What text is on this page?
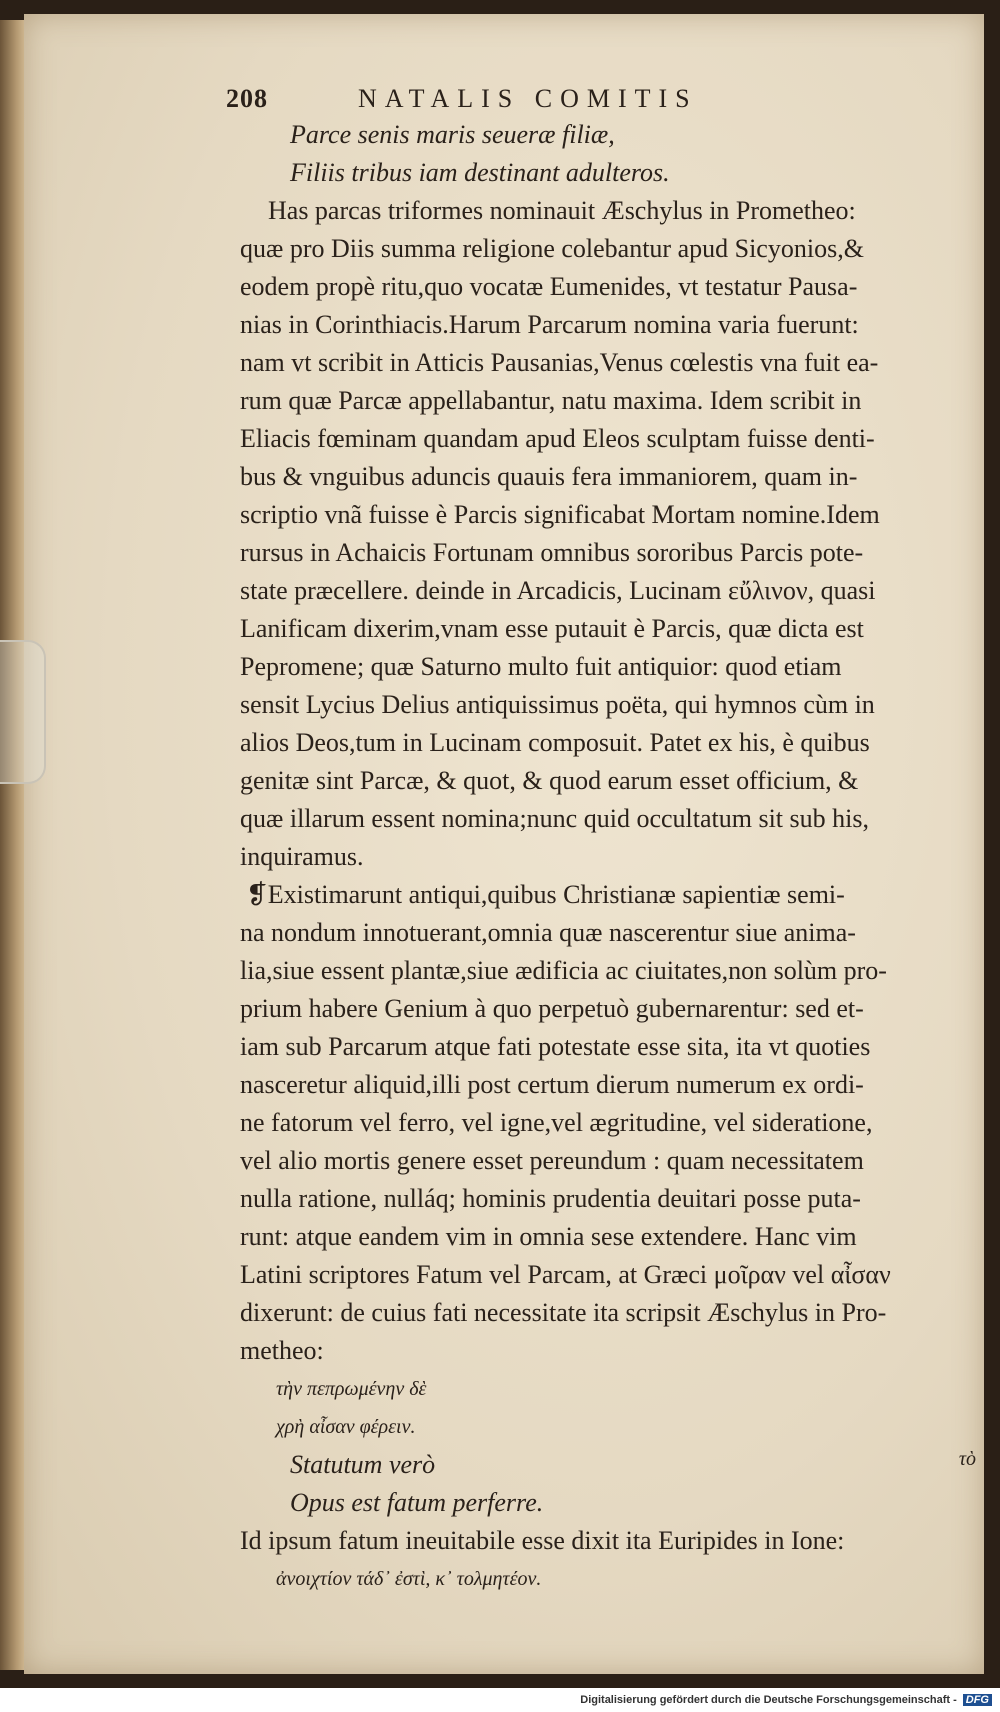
208	NATALIS COMITIS

Parce senis maris seueræ filiæ,

Filiis tribus iam destinant adulteros.

Has parcas triformes nominauit Æschylus in Prometheo:

quæ pro Diis summa religione colebantur apud Sicyonios,&

eodem propè ritu,quo vocatæ Eumenides, vt testatur Pausa-

nias in Corinthiacis.Harum Parcarum nomina varia fuerunt:

nam vt scribit in Atticis Pausanias,Venus cœlestis vna fuit ea-

rum quæ Parcæ appellabantur, natu maxima. Idem scribit in

Eliacis fœminam quandam apud Eleos sculptam fuisse denti-

bus & vnguibus aduncis quauis fera immaniorem, quam in-

scriptio vnã fuisse è Parcis significabat Mortam nomine.Idem

rursus in Achaicis Fortunam omnibus sororibus Parcis pote-

state præcellere. deinde in Arcadicis, Lucinam εὔλινον, quasi

Lanificam dixerim,vnam esse putauit è Parcis, quæ dicta est

Pepromene; quæ Saturno multo fuit antiquior: quod etiam

sensit Lycius Delius antiquissimus poëta, qui hymnos cùm in

alios Deos,tum in Lucinam composuit. Patet ex his, è quibus

genitæ sint Parcæ, & quot, & quod earum esset officium, &

quæ illarum essent nomina;nunc quid occultatum sit sub his,

inquiramus.

❡Existimarunt antiqui,quibus Christianæ sapientiæ semi-

na nondum innotuerant,omnia quæ nascerentur siue anima-

lia,siue essent plantæ,siue ædificia ac ciuitates,non solùm pro-

prium habere Genium à quo perpetuò gubernarentur: sed et-

iam sub Parcarum atque fati potestate esse sita, ita vt quoties

nasceretur aliquid,illi post certum dierum numerum ex ordi-

ne fatorum vel ferro, vel igne,vel ægritudine, vel sideratione,

vel alio mortis genere esset pereundum : quam necessitatem

nulla ratione, nulláq; hominis prudentia deuitari posse puta-

runt: atque eandem vim in omnia sese extendere. Hanc vim

Latini scriptores Fatum vel Parcam, at Græci μοῖραν vel αἶσαν

dixerunt: de cuius fati necessitate ita scripsit Æschylus in Pro-

metheo:

τὴν πεπρωμένην δὲ

χρὴ αἶσαν φέρειν.

Statutum verò

Opus est fatum perferre.

Id ipsum fatum ineuitabile esse dixit ita Euripides in Ione:

ἀνοιχτίον τάδ᾽ ἐστὶ, κ᾽ τολμητέον.

τὸ
Digitalisierung gefördert durch die Deutsche Forschungsgemeinschaft - DFG
